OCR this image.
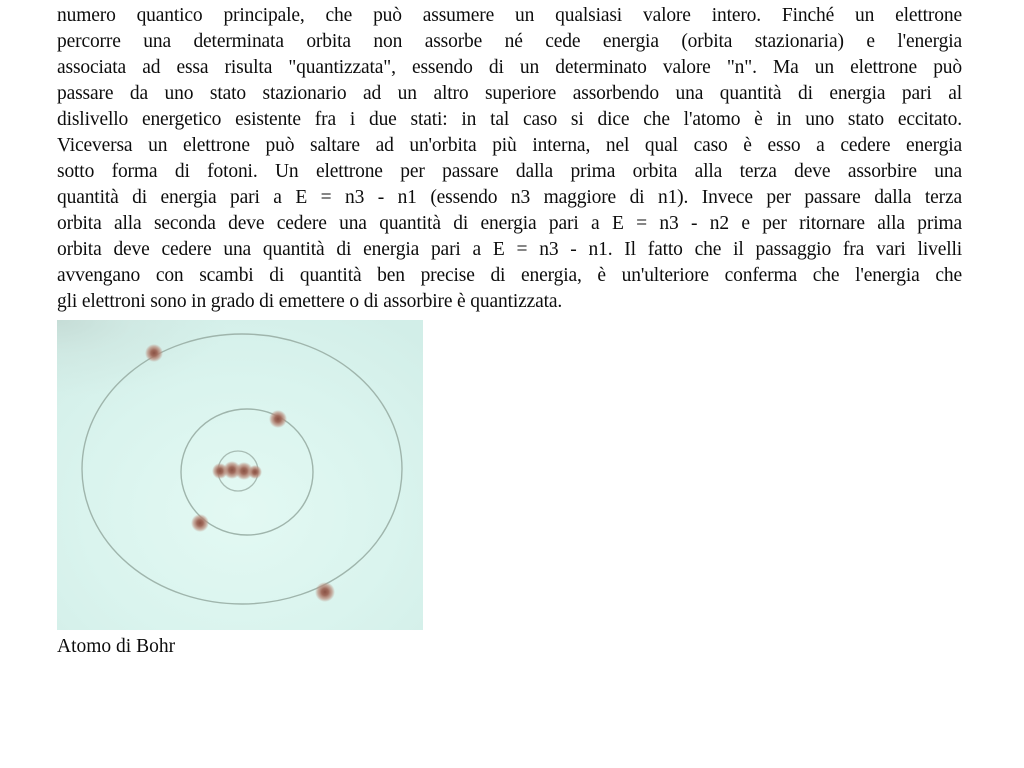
numero quantico principale, che può assumere un qualsiasi valore intero. Finché un elettrone
percorre una determinata orbita non assorbe né cede energia (orbita stazionaria) e l'energia
associata ad essa risulta "quantizzata", essendo di un determinato valore "n". Ma un elettrone può
passare da uno stato stazionario ad un altro superiore assorbendo una quantità di energia pari al
dislivello energetico esistente fra i due stati: in tal caso si dice che l'atomo è in uno stato eccitato.
Viceversa un elettrone può saltare ad un'orbita più interna, nel qual caso è esso a cedere energia
sotto forma di fotoni. Un elettrone per passare dalla prima orbita alla terza deve assorbire una
quantità di energia pari a E = n3 - n1 (essendo n3 maggiore di n1). Invece per passare dalla terza
orbita alla seconda deve cedere una quantità di energia pari a E = n3 - n2 e per ritornare alla prima
orbita deve cedere una quantità di energia pari a E = n3 - n1. Il fatto che il passaggio fra vari livelli
avvengano con scambi di quantità ben precise di energia, è un'ulteriore conferma che l'energia che
gli elettroni sono in grado di emettere o di assorbire è quantizzata.
Atomo di Bohr
